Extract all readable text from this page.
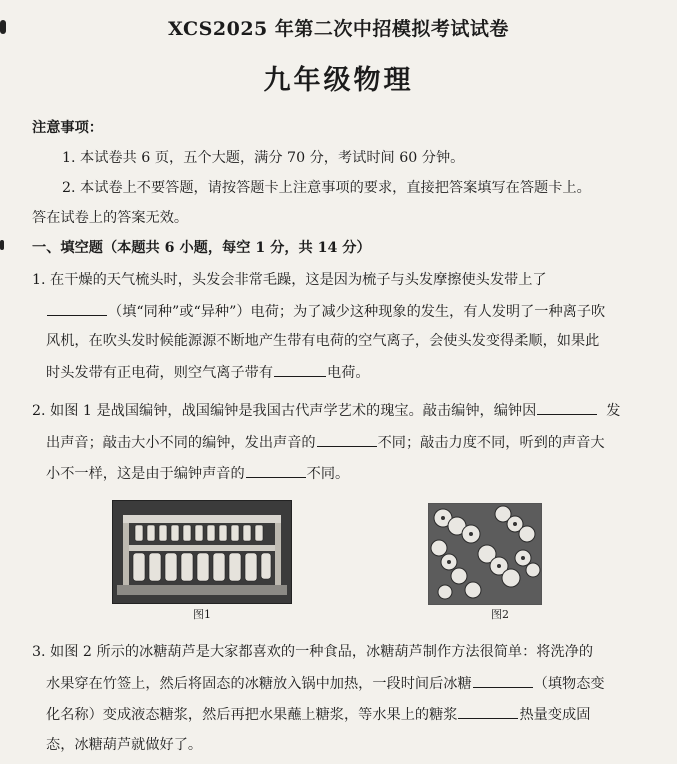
XCS2025 年第二次中招模拟考试试卷
九年级物理
注意事项：
1. 本试卷共 6 页，五个大题，满分 70 分，考试时间 60 分钟。
2. 本试卷上不要答题，请按答题卡上注意事项的要求，直接把答案填写在答题卡上。
答在试卷上的答案无效。
一、填空题（本题共 6 小题，每空 1 分，共 14 分）
1. 在干燥的天气梳头时，头发会非常毛躁，这是因为梳子与头发摩擦使头发带上了
（填“同种”或“异种”）电荷；为了减少这种现象的发生，有人发明了一种离子吹
风机，在吹头发时候能源源不断地产生带有电荷的空气离子，会使头发变得柔顺，如果此
时头发带有正电荷，则空气离子带有	电荷。
2. 如图 1 是战国编钟，战国编钟是我国古代声学艺术的瑰宝。敲击编钟，编钟因	发
出声音；敲击大小不同的编钟，发出声音的	不同；敲击力度不同，听到的声音大
小不一样，这是由于编钟声音的	不同。
图1	图2
3. 如图 2 所示的冰糖葫芦是大家都喜欢的一种食品，冰糖葫芦制作方法很简单：将洗净的
水果穿在竹签上，然后将固态的冰糖放入锅中加热，一段时间后冰糖	（填物态变
化名称）变成液态糖浆，然后再把水果蘸上糖浆，等水果上的糖浆	热量变成固
态，冰糖葫芦就做好了。
